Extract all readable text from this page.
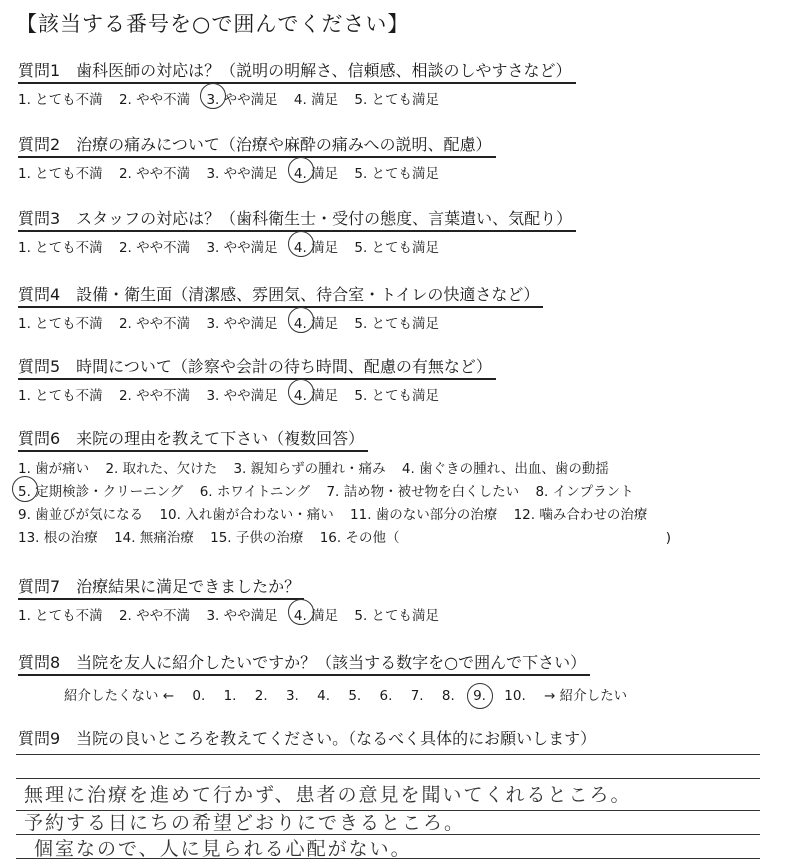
【該当する番号を○で囲んでください】
質問1　歯科医師の対応は？（説明の明解さ、信頼感、相談のしやすさなど）
1. とても不満 2. やや不満 3. やや満足 4. 満足 5. とても満足
質問2　治療の痛みについて（治療や麻酔の痛みへの説明、配慮）
1. とても不満 2. やや不満 3. やや満足 4. 満足 5. とても満足
質問3　スタッフの対応は？（歯科衛生士・受付の態度、言葉遣い、気配り）
1. とても不満 2. やや不満 3. やや満足 4. 満足 5. とても満足
質問4　設備・衛生面（清潔感、雰囲気、待合室・トイレの快適さなど）
1. とても不満 2. やや不満 3. やや満足 4. 満足 5. とても満足
質問5　時間について（診察や会計の待ち時間、配慮の有無など）
1. とても不満 2. やや不満 3. やや満足 4. 満足 5. とても満足
質問6　来院の理由を教えて下さい（複数回答）
1. 歯が痛い 2. 取れた、欠けた 3. 親知らずの腫れ・痛み 4. 歯ぐきの腫れ、出血、歯の動揺
5. 定期検診・クリーニング 6. ホワイトニング 7. 詰め物・被せ物を白くしたい 8. インプラント
9. 歯並びが気になる 10. 入れ歯が合わない・痛い 11. 歯のない部分の治療 12. 噛み合わせの治療
13. 根の治療 14. 無痛治療 15. 子供の治療 16. その他（	)
質問7　治療結果に満足できましたか？
1. とても不満 2. やや不満 3. やや満足 4. 満足 5. とても満足
質問8　当院を友人に紹介したいですか？（該当する数字を○で囲んで下さい）
紹介したくない ← 0. 1. 2. 3. 4. 5. 6. 7. 8. 9. 10. → 紹介したい
質問9　当院の良いところを教えてください。（なるべく具体的にお願いします）
無理に治療を進めて行かず、患者の意見を聞いてくれるところ。
予約する日にちの希望どおりにできるところ。
個室なので、人に見られる心配がない。
